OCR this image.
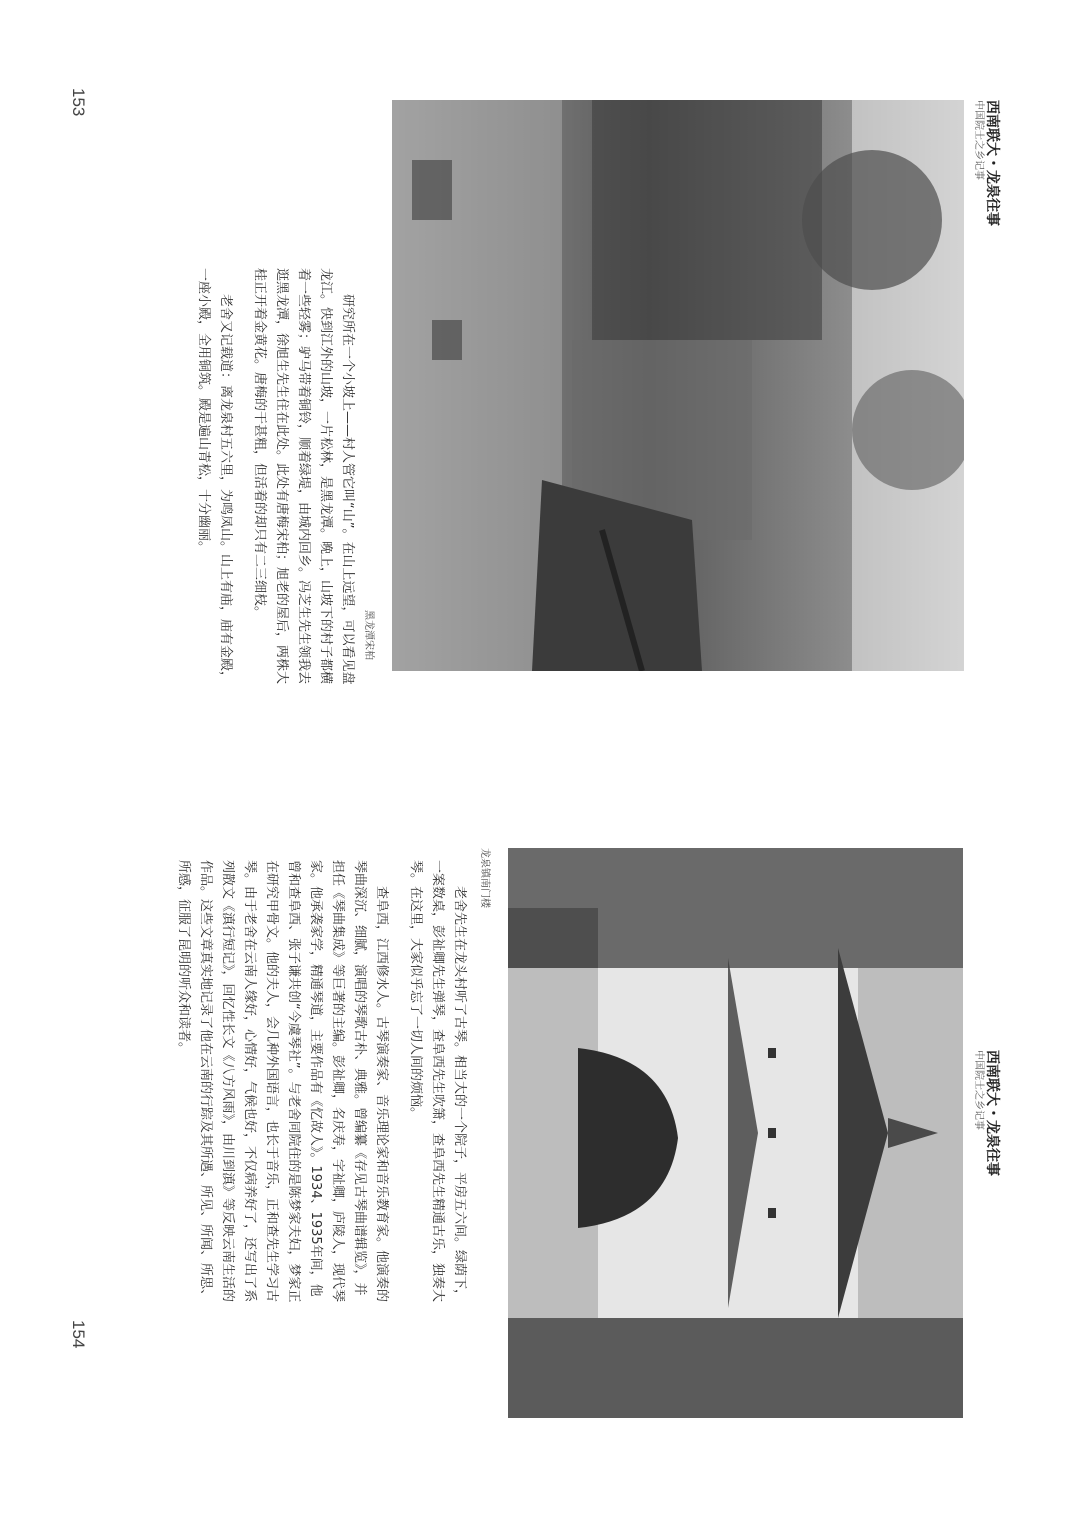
153	西南联大・龙泉往事
中国院士之乡记事
黑龙潭宋柏

研究所在一个小坡上——村人管它叫“山”。在山上远望，可以看见盘龙江。快到江外的山坡，一片松林，是黑龙潭。晚上，山坡下的村子都横着一些轻雾；驴马带着铜铃，顺着绿堤，由城内回乡。冯芝生先生领我去逛黑龙潭，徐旭生先生住在此处。此处有唐梅宋柏；旭老的屋后，两株大桂正开着金黄花。唐梅的干甚粗，但活着的却只有二三细枝。

老舍又记载道：离龙泉村五六里，为鸣凤山。山上有庙，庙有金殿，一座小殿，全用铜筑。殿是遍山青松，十分幽丽。

154
西南联大・龙泉往事
中国院士之乡记事
龙泉镇南门楼

老舍先生在龙头村听了古琴。相当大的一个院子，平房五六间。绿荫下，一案数桌，彭祉卿先生弹琴，查阜西先生吹箫，查阜西先生精通古乐，独奏大琴。在这里，大家似乎忘了一切人间的烦恼。

查阜西，江西修水人。古琴演奏家、音乐理论家和音乐教育家。他演奏的琴曲深沉、细腻，演唱的琴歌古朴、典雅。曾编纂《存见古琴曲谱辑览》，并担任《琴曲集成》等巨著的主编。彭祉卿，名庆寿，字祉卿，庐陵人，现代琴家。他承袭家学，精通琴道，主要作品有《忆故人》。1934、1935年间，他曾和查阜西、张子谦共创“今虞琴社”。与老舍同院住的是陈梦家夫妇，梦家正在研究甲骨文。他的夫人，会几种外国语言，也长于音乐，正和查先生学习古琴。由于老舍在云南人缘好，心情好，气候也好，不仅病养好了，还写出了系列散文《滇行短记》，回忆性长文《八方风雨》，由川到滇》等反映云南生活的作品。这些文章真实地记录了他在云南的行踪及其所遇、所见、所闻、所思、所感，征服了昆明的听众和读者。
